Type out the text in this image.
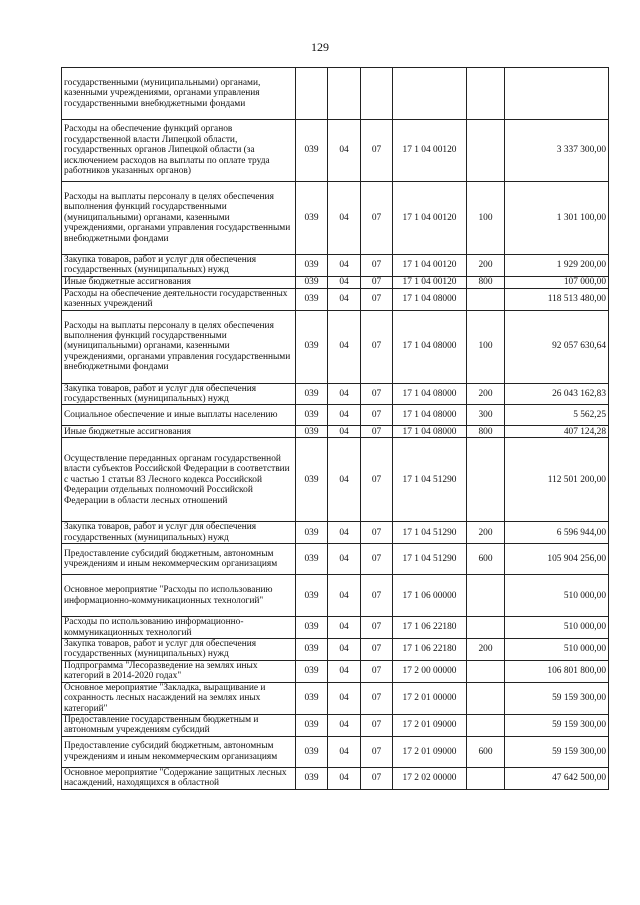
129
государственными (муниципальными) органами, казенными учреждениями, органами управления государственными внебюджетными фондами						
Расходы на обеспечение функций органов государственной власти Липецкой области, государственных органов Липецкой области (за исключением расходов на выплаты по оплате труда работников указанных органов)	039	04	07	17 1 04 00120		3 337 300,00
Расходы на выплаты персоналу в целях обеспечения выполнения функций государственными (муниципальными) органами, казенными учреждениями, органами управления государственными внебюджетными фондами	039	04	07	17 1 04 00120	100	1 301 100,00
Закупка товаров, работ и услуг для обеспечения государственных (муниципальных) нужд	039	04	07	17 1 04 00120	200	1 929 200,00
Иные бюджетные ассигнования	039	04	07	17 1 04 00120	800	107 000,00
Расходы на обеспечение деятельности государственных казенных учреждений	039	04	07	17 1 04 08000		118 513 480,00
Расходы на выплаты персоналу в целях обеспечения выполнения функций государственными (муниципальными) органами, казенными учреждениями, органами управления государственными внебюджетными фондами	039	04	07	17 1 04 08000	100	92 057 630,64
Закупка товаров, работ и услуг для обеспечения государственных (муниципальных) нужд	039	04	07	17 1 04 08000	200	26 043 162,83
Социальное обеспечение и иные выплаты населению	039	04	07	17 1 04 08000	300	5 562,25
Иные бюджетные ассигнования	039	04	07	17 1 04 08000	800	407 124,28
Осуществление переданных органам государственной власти субъектов Российской Федерации в соответствии с частью 1 статьи 83 Лесного кодекса Российской Федерации отдельных полномочий Российской Федерации в области лесных отношений	039	04	07	17 1 04 51290		112 501 200,00
Закупка товаров, работ и услуг для обеспечения государственных (муниципальных) нужд	039	04	07	17 1 04 51290	200	6 596 944,00
Предоставление субсидий бюджетным, автономным учреждениям и иным некоммерческим организациям	039	04	07	17 1 04 51290	600	105 904 256,00
Основное мероприятие "Расходы по использованию информационно-коммуникационных технологий"	039	04	07	17 1 06 00000		510 000,00
Расходы по использованию информационно-коммуникационных технологий	039	04	07	17 1 06 22180		510 000,00
Закупка товаров, работ и услуг для обеспечения государственных (муниципальных) нужд	039	04	07	17 1 06 22180	200	510 000,00
Подпрограмма "Лесоразведение на землях иных категорий в 2014-2020 годах"	039	04	07	17 2 00 00000		106 801 800,00
Основное мероприятие "Закладка, выращивание и сохранность лесных насаждений на землях иных категорий"	039	04	07	17 2 01 00000		59 159 300,00
Предоставление государственным бюджетным и автономным учреждениям субсидий	039	04	07	17 2 01 09000		59 159 300,00
Предоставление субсидий бюджетным, автономным учреждениям и иным некоммерческим организациям	039	04	07	17 2 01 09000	600	59 159 300,00
Основное мероприятие "Содержание защитных лесных насаждений, находящихся в областной	039	04	07	17 2 02 00000		47 642 500,00
